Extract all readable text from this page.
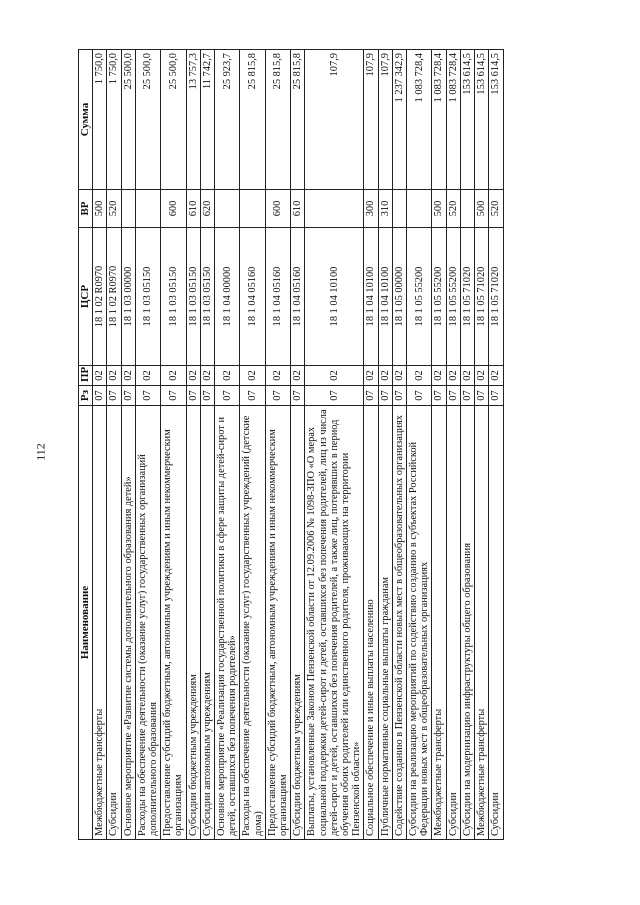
112
Наименование	Рз	ПР	ЦСР	ВР	Сумма
Межбюджетные трансферты	07	02	18 1 02 R0970	500	1 750,0
Субсидии	07	02	18 1 02 R0970	520	1 750,0
Основное мероприятие «Развитие системы дополнительного образования детей»	07	02	18 1 03 00000		25 500,0
Расходы на обеспечение деятельности (оказание услуг) государственных организаций дополнительного образования	07	02	18 1 03 05150		25 500,0
Предоставление субсидий бюджетным, автономным учреждениям и иным некоммерческим организациям	07	02	18 1 03 05150	600	25 500,0
Субсидии бюджетным учреждениям	07	02	18 1 03 05150	610	13 757,3
Субсидии автономным учреждениям	07	02	18 1 03 05150	620	11 742,7
Основное мероприятие «Реализация государственной политики в сфере защиты детей-сирот и детей, оставшихся без попечения родителей»	07	02	18 1 04 00000		25 923,7
Расходы на обеспечение деятельности (оказание услуг) государственных учреждений (детские дома)	07	02	18 1 04 05160		25 815,8
Предоставление субсидий бюджетным, автономным учреждениям и иным некоммерческим организациям	07	02	18 1 04 05160	600	25 815,8
Субсидии бюджетным учреждениям	07	02	18 1 04 05160	610	25 815,8
Выплаты, установленные Законом Пензенской области от 12.09.2006 № 1098-ЗПО «О мерах социальной поддержки детей-сирот и детей, оставшихся без попечения родителей, лиц из числа детей-сирот и детей, оставшихся без попечения родителей, а также лиц, потерявших в период обучения обоих родителей или единственного родителя, проживающих на территории Пензенской области»	07	02	18 1 04 10100		107,9
Социальное обеспечение и иные выплаты населению	07	02	18 1 04 10100	300	107,9
Публичные нормативные социальные выплаты гражданам	07	02	18 1 04 10100	310	107,9
Содействие созданию в Пензенской области новых мест в общеобразовательных организациях	07	02	18 1 05 00000		1 237 342,9
Субсидии на реализацию мероприятий по содействию созданию в субъектах Российской Федерации новых мест в общеобразовательных организациях	07	02	18 1 05 55200		1 083 728,4
Межбюджетные трансферты	07	02	18 1 05 55200	500	1 083 728,4
Субсидии	07	02	18 1 05 55200	520	1 083 728,4
Субсидии на модернизацию инфраструктуры общего образования	07	02	18 1 05 71020		153 614,5
Межбюджетные трансферты	07	02	18 1 05 71020	500	153 614,5
Субсидии	07	02	18 1 05 71020	520	153 614,5
